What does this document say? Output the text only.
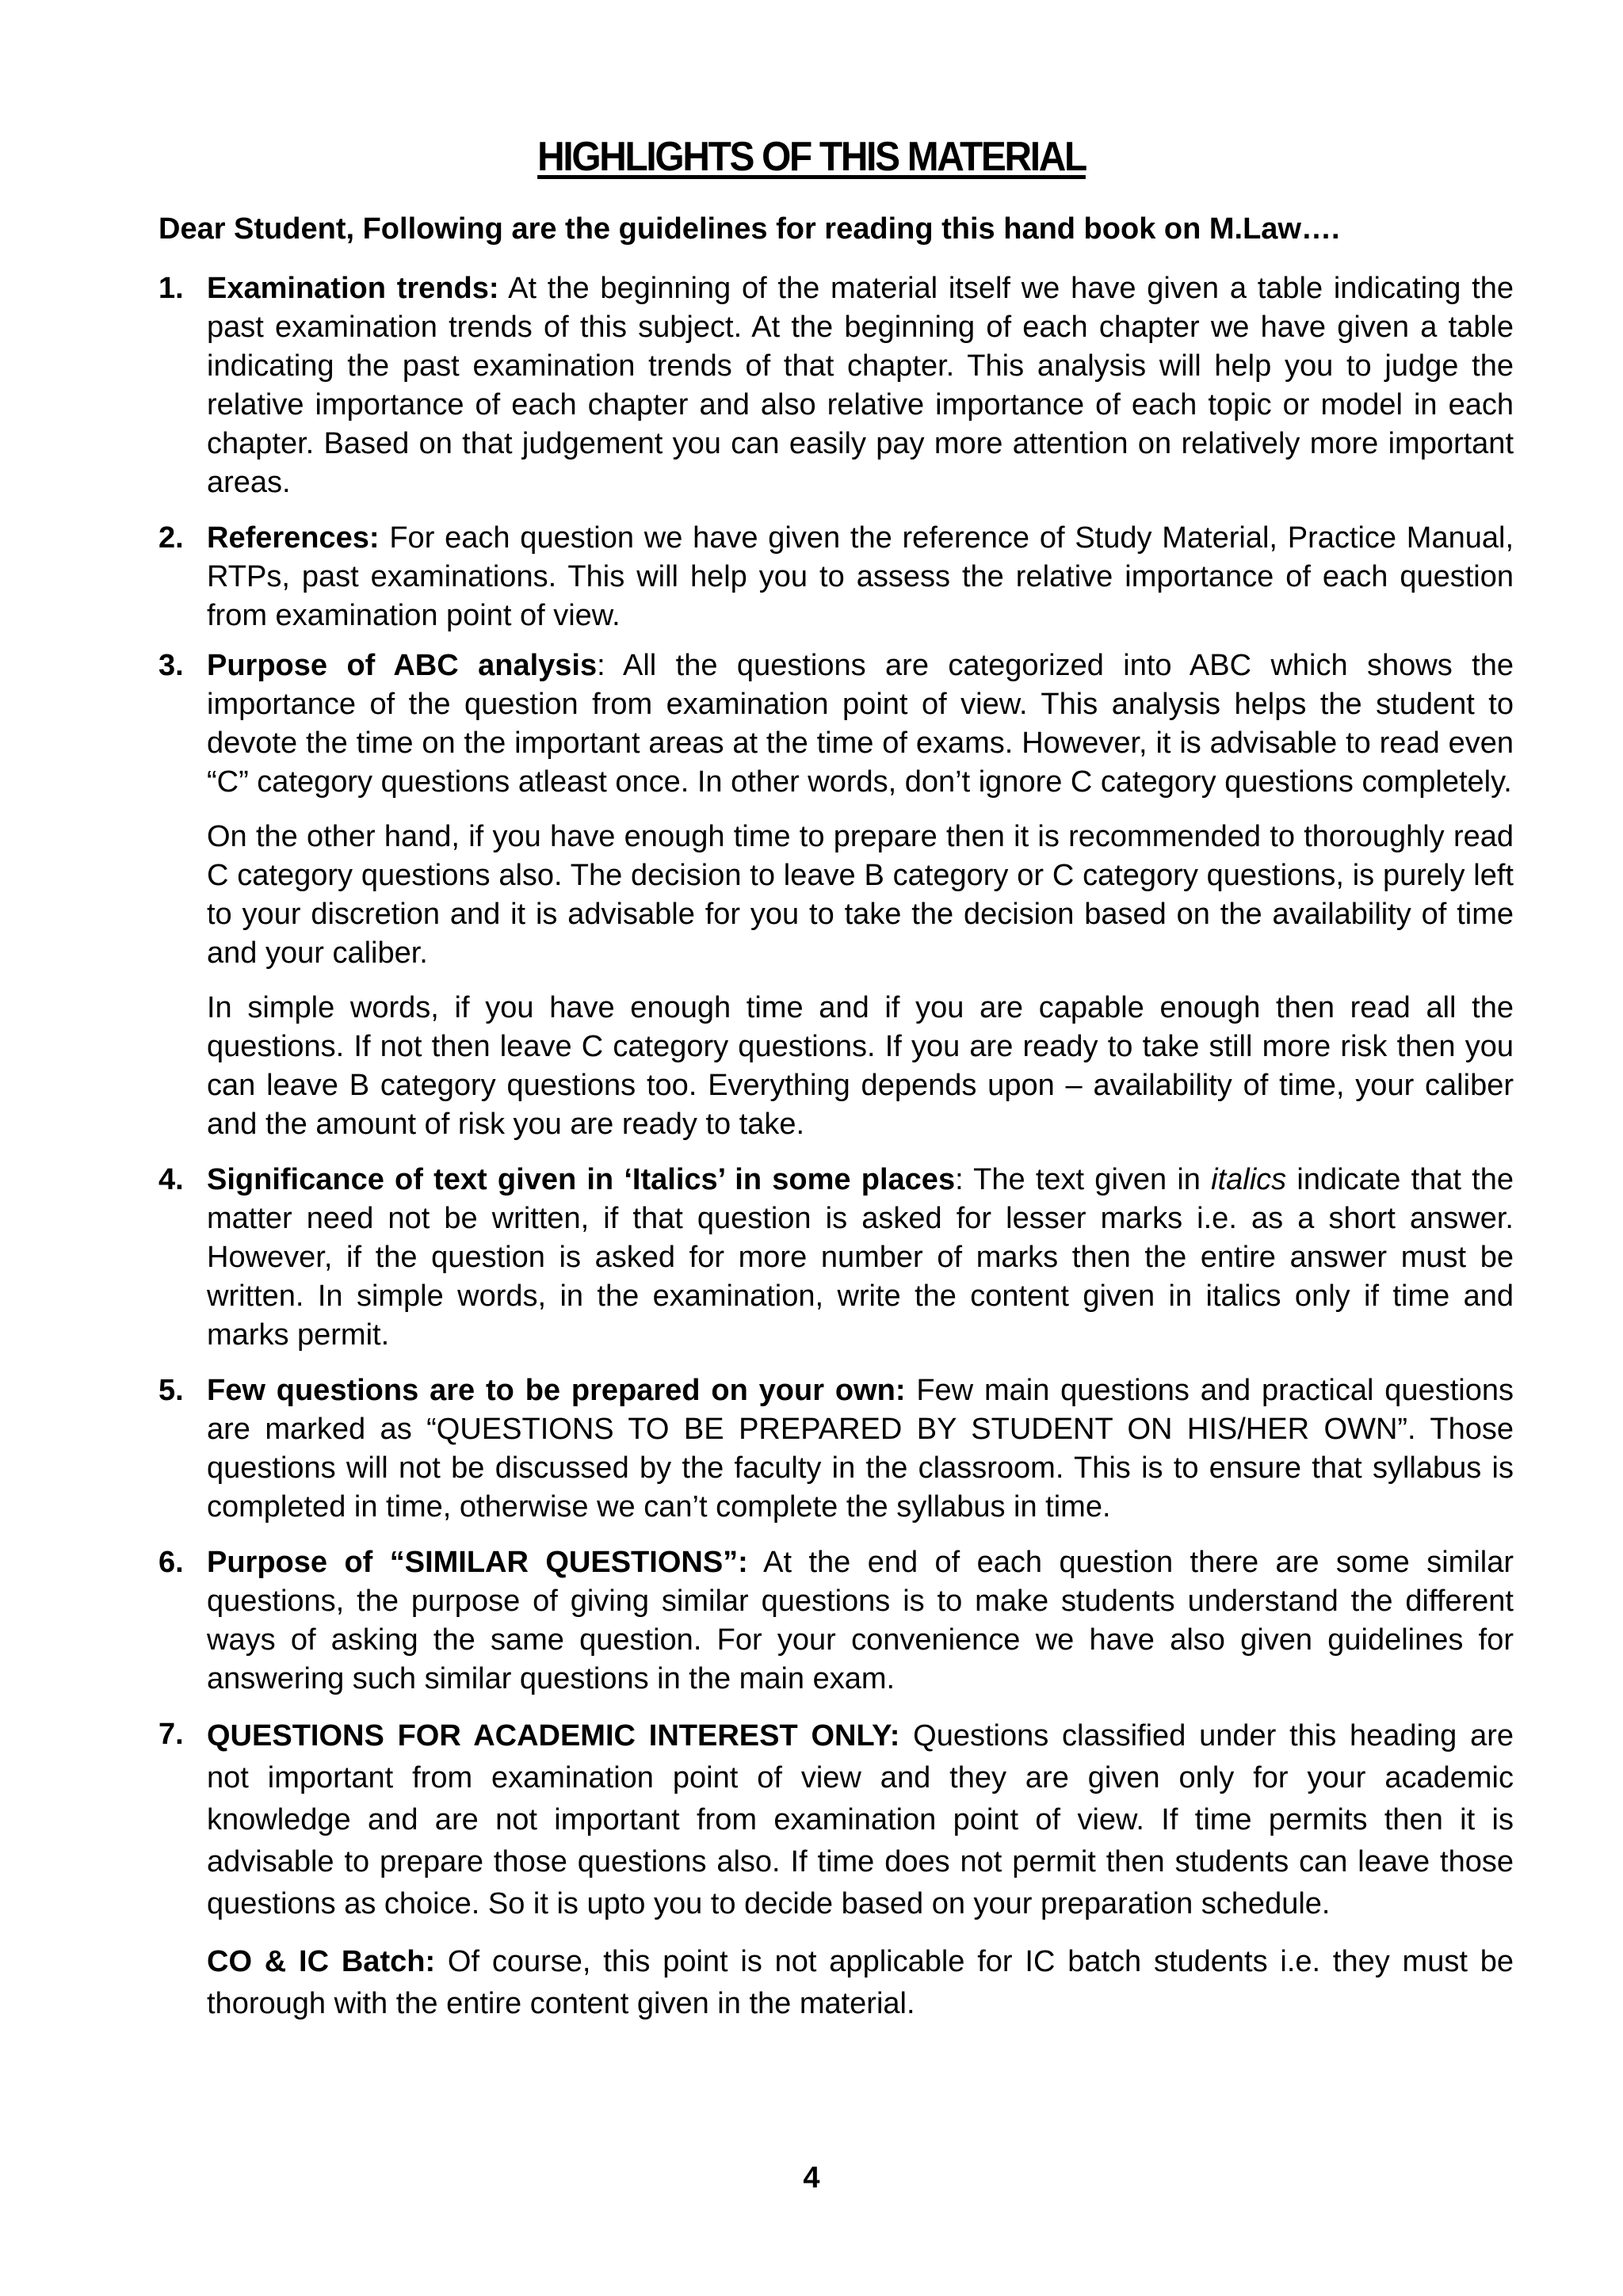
HIGHLIGHTS OF THIS MATERIAL
Dear Student, Following are the guidelines for reading this hand book on M.Law….
1. Examination trends: At the beginning of the material itself we have given a table indicating the past examination trends of this subject. At the beginning of each chapter we have given a table indicating the past examination trends of that chapter. This analysis will help you to judge the relative importance of each chapter and also relative importance of each topic or model in each chapter. Based on that judgement you can easily pay more attention on relatively more important areas.

2. References: For each question we have given the reference of Study Material, Practice Manual, RTPs, past examinations. This will help you to assess the relative importance of each question from examination point of view.

3. Purpose of ABC analysis: All the questions are categorized into ABC which shows the importance of the question from examination point of view. This analysis helps the student to devote the time on the important areas at the time of exams. However, it is advisable to read even “C” category questions atleast once. In other words, don’t ignore C category questions completely.

On the other hand, if you have enough time to prepare then it is recommended to thoroughly read C category questions also. The decision to leave B category or C category questions, is purely left to your discretion and it is advisable for you to take the decision based on the availability of time and your caliber.

In simple words, if you have enough time and if you are capable enough then read all the questions. If not then leave C category questions. If you are ready to take still more risk then you can leave B category questions too. Everything depends upon – availability of time, your caliber and the amount of risk you are ready to take.

4. Significance of text given in ‘Italics’ in some places: The text given in italics indicate that the matter need not be written, if that question is asked for lesser marks i.e. as a short answer. However, if the question is asked for more number of marks then the entire answer must be written. In simple words, in the examination, write the content given in italics only if time and marks permit.

5. Few questions are to be prepared on your own: Few main questions and practical questions are marked as “QUESTIONS TO BE PREPARED BY STUDENT ON HIS/HER OWN”. Those questions will not be discussed by the faculty in the classroom. This is to ensure that syllabus is completed in time, otherwise we can’t complete the syllabus in time.

6. Purpose of “SIMILAR QUESTIONS”: At the end of each question there are some similar questions, the purpose of giving similar questions is to make students understand the different ways of asking the same question. For your convenience we have also given guidelines for answering such similar questions in the main exam.

7. QUESTIONS FOR ACADEMIC INTEREST ONLY: Questions classified under this heading are not important from examination point of view and they are given only for your academic knowledge and are not important from examination point of view. If time permits then it is advisable to prepare those questions also. If time does not permit then students can leave those questions as choice. So it is upto you to decide based on your preparation schedule.

CO & IC Batch: Of course, this point is not applicable for IC batch students i.e. they must be thorough with the entire content given in the material.

4
